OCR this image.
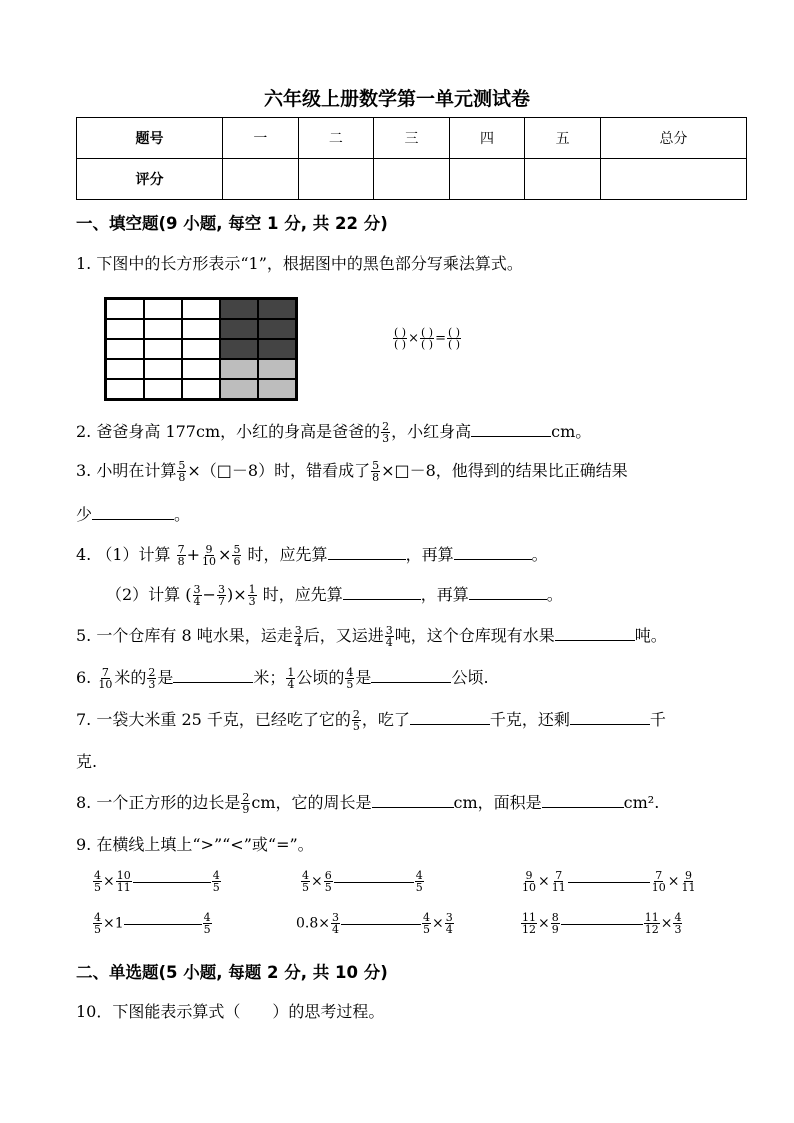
六年级上册数学第一单元测试卷
题号	一	二	三	四	五	总分
评分						
一、填空题(9 小题, 每空 1 分, 共 22 分)
1. 下图中的长方形表示“1”，根据图中的黑色部分写乘法算式。
$\frac{( )}{( )} \times \frac{( )}{( )} = \frac{( )}{( )}$
2. 爸爸身高 177cm，小红的身高是爸爸的 $\frac{2}{3}$ ，小红身高	cm。
3. 小明在计算 $\frac{5}{8}$ ×（□－8）时，错看成了 $\frac{5}{8}$ ×□－8，他得到的结果比正确结果
少	。
4. （1）计算 $\frac{7}{8} + \frac{9}{10} \times \frac{5}{6}$ 时，应先算	，再算	。
（2）计算 ( $\frac{3}{4} - \frac{3}{7}$ )× $\frac{1}{3}$ 时，应先算	，再算	。
5. 一个仓库有 8 吨水果，运走 $\frac{3}{4}$ 后，又运进 $\frac{3}{4}$ 吨，这个仓库现有水果	吨。
6. $\frac{7}{10}$ 米的 $\frac{2}{3}$ 是	米； $\frac{1}{4}$ 公顷的 $\frac{4}{5}$ 是	公顷.
7. 一袋大米重 25 千克，已经吃了它的 $\frac{2}{5}$ ，吃了	千克，还剩	千
克.
8. 一个正方形的边长是 $\frac{2}{9}$ cm，它的周长是	cm，面积是	cm².
9. 在横线上填上“>”“<”或“=”。
$\frac{4}{5} \times \frac{10}{11}$	$\frac{4}{5}$	$\frac{4}{5} \times \frac{6}{5}$	$\frac{4}{5}$	$\frac{9}{10} \times \frac{7}{11}$	$\frac{7}{10} \times \frac{9}{11}$
$\frac{4}{5} \times 1$	$\frac{4}{5}$	$0.8\times \frac{3}{4}$	$\frac{4}{5} \times \frac{3}{4}$	$\frac{11}{12} \times \frac{8}{9}$	$\frac{11}{12} \times \frac{4}{3}$
二、单选题(5 小题, 每题 2 分, 共 10 分)
10．下图能表示算式（　　）的思考过程。
